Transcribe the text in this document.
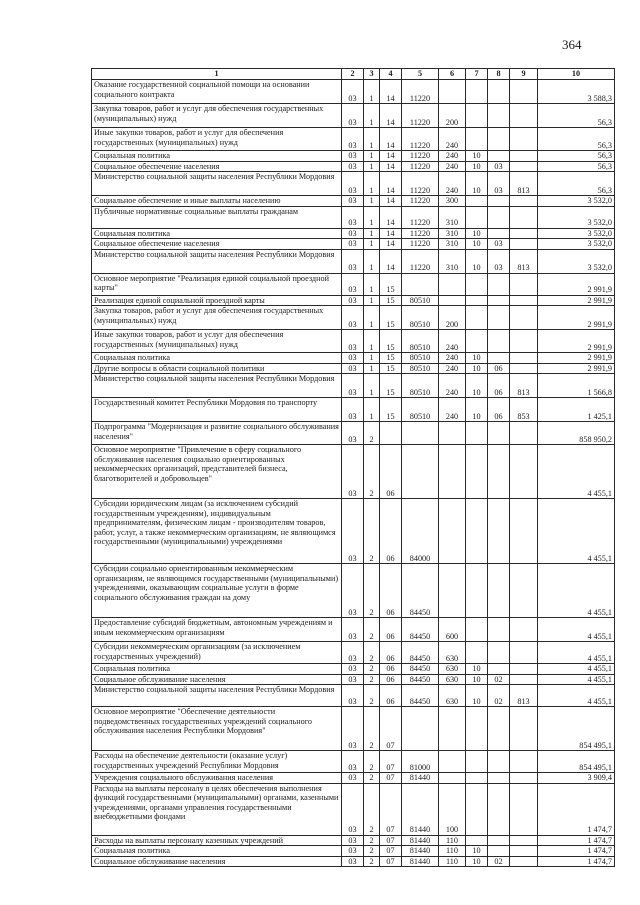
364
1	2	3	4	5	6	7	8	9	10
Оказание государственной социальной помощи на основании социального контракта	03	1	14	11220					3 588,3
Закупка товаров, работ и услуг для обеспечения государственных (муниципальных) нужд	03	1	14	11220	200				56,3
Иные закупки товаров, работ и услуг для обеспечения государственных (муниципальных) нужд	03	1	14	11220	240				56,3
Социальная политика	03	1	14	11220	240	10			56,3
Социальное обеспечение населения	03	1	14	11220	240	10	03		56,3
Министерство социальной защиты населения Республики Мордовия	03	1	14	11220	240	10	03	813	56,3
Социальное обеспечение и иные выплаты населению	03	1	14	11220	300				3 532,0
Публичные нормативные социальные выплаты гражданам	03	1	14	11220	310				3 532,0
Социальная политика	03	1	14	11220	310	10			3 532,0
Социальное обеспечение населения	03	1	14	11220	310	10	03		3 532,0
Министерство социальной защиты населения Республики Мордовия	03	1	14	11220	310	10	03	813	3 532,0
Основное мероприятие "Реализация единой социальной проездной карты"	03	1	15						2 991,9
Реализация единой социальной проездной карты	03	1	15	80510					2 991,9
Закупка товаров, работ и услуг для обеспечения государственных (муниципальных) нужд	03	1	15	80510	200				2 991,9
Иные закупки товаров, работ и услуг для обеспечения государственных (муниципальных) нужд	03	1	15	80510	240				2 991,9
Социальная политика	03	1	15	80510	240	10			2 991,9
Другие вопросы в области социальной политики	03	1	15	80510	240	10	06		2 991,9
Министерство социальной защиты населения Республики Мордовия	03	1	15	80510	240	10	06	813	1 566,8
Государственный комитет Республики Мордовия по транспорту	03	1	15	80510	240	10	06	853	1 425,1
Подпрограмма "Модернизация и развитие социального обслуживания населения"	03	2							858 950,2
Основное мероприятие "Привлечение в сферу социального обслуживания населения социально ориентированных некоммерческих организаций, представителей бизнеса, благотворителей и добровольцев"	03	2	06						4 455,1
Субсидии юридическим лицам (за исключением субсидий государственным учреждениям), индивидуальным предпринимателям, физическим лицам - производителям товаров, работ, услуг, а также некоммерческим организациям, не являющимся государственными (муниципальными) учреждениями	03	2	06	84000					4 455,1
Субсидии социально ориентированным некоммерческим организациям, не являющимся государственными (муниципальными) учреждениями, оказывающим социальные услуги в форме социального обслуживания граждан на дому	03	2	06	84450					4 455,1
Предоставление субсидий бюджетным, автономным учреждениям и иным некоммерческим организациям	03	2	06	84450	600				4 455,1
Субсидии некоммерческим организациям (за исключением государственных учреждений)	03	2	06	84450	630				4 455,1
Социальная политика	03	2	06	84450	630	10			4 455,1
Социальное обслуживание населения	03	2	06	84450	630	10	02		4 455,1
Министерство социальной защиты населения Республики Мордовия	03	2	06	84450	630	10	02	813	4 455,1
Основное мероприятие "Обеспечение деятельности подведомственных государственных учреждений социального обслуживания населения Республики Мордовия"	03	2	07						854 495,1
Расходы на обеспечение деятельности (оказание услуг) государственных учреждений Республики Мордовия	03	2	07	81000					854 495,1
Учреждения социального обслуживания населения	03	2	07	81440					3 909,4
Расходы на выплаты персоналу в целях обеспечения выполнения функций государственными (муниципальными) органами, казенными учреждениями, органами управления государственными внебюджетными фондами	03	2	07	81440	100				1 474,7
Расходы на выплаты персоналу казенных учреждений	03	2	07	81440	110				1 474,7
Социальная политика	03	2	07	81440	110	10			1 474,7
Социальное обслуживание населения	03	2	07	81440	110	10	02		1 474,7
